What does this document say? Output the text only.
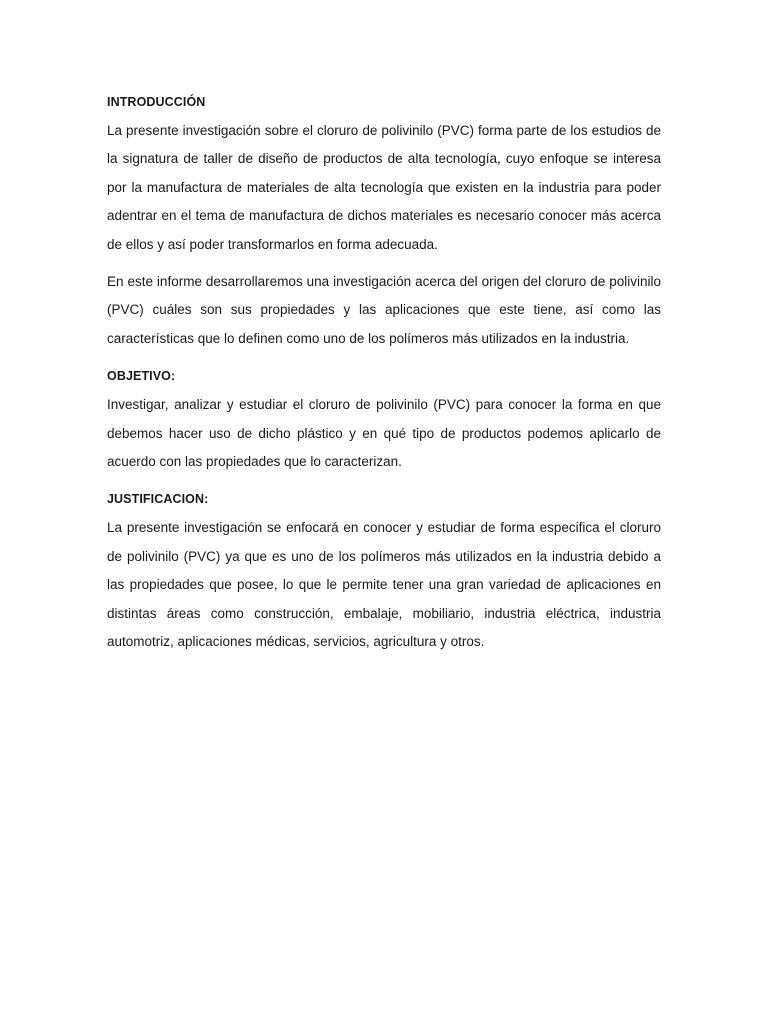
INTRODUCCIÓN

La presente investigación sobre el cloruro de polivinilo (PVC) forma parte de los estudios de la signatura de taller de diseño de productos de alta tecnología, cuyo enfoque se interesa por la manufactura de materiales de alta tecnología que existen en la industria para poder adentrar en el tema de manufactura de dichos materiales es necesario conocer más acerca de ellos y así poder transformarlos en forma adecuada.

En este informe desarrollaremos una investigación acerca del origen del cloruro de polivinilo (PVC) cuáles son sus propiedades y las aplicaciones que este tiene, así como las características que lo definen como uno de los polímeros más utilizados en la industria.

OBJETIVO:

Investigar, analizar y estudiar el cloruro de polivinilo (PVC) para conocer la forma en que debemos hacer uso de dicho plástico y en qué tipo de productos podemos aplicarlo de acuerdo con las propiedades que lo caracterizan.

JUSTIFICACION:

La presente investigación se enfocará en conocer y estudiar de forma especifica el cloruro de polivinilo (PVC) ya que es uno de los polímeros más utilizados en la industria debido a las propiedades que posee, lo que le permite tener una gran variedad de aplicaciones en distintas áreas como construcción, embalaje, mobiliario, industria eléctrica, industria automotriz, aplicaciones médicas, servicios, agricultura y otros.
